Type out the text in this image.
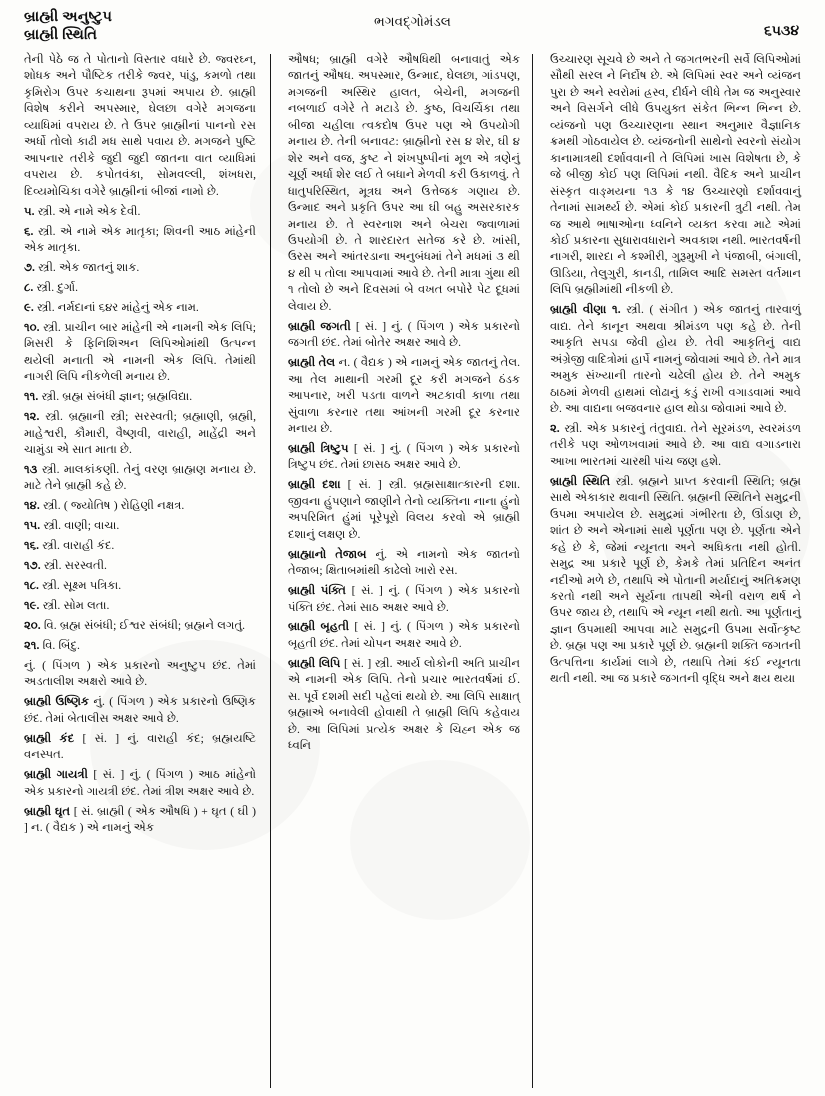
બ્રાહ્મી અનુષ્ટુપ
બ્રાહ્મી સ્થિતિ
ભગવદ્ગોમંડલ
૬૫૩૪
તેની પેઠે જ તે પોતાનો વિસ્તાર વધારે છે. જ્વરઘ્ન, શોધક અને પૌષ્ટિક તરીકે જ્વર, પાંડુ, કમળો તથા કૃમિરોગ ઉપર કચાથના રૂપમાં અપાય છે. બ્રાહ્મી વિશેષ કરીને અપસ્માર, ઘેલછા વગેરે મગજના વ્યાધિમાં વપરાય છે. તે ઉપર બ્રાહ્મીનાં પાનનો રસ અર્ધો તોલો કાઢી મધ સાથે પવાય છે. મગજને પુષ્ટિ આપનાર તરીકે જુદી જુદી જાતના વાત વ્યાધિમાં વપરાય છે. કપોતવંકા, સોમવલ્લી, શંખધરા, દિવ્યમોચિકા વગેરે બ્રાહ્મીનાં બીજાં નામો છે.
૫. સ્ત્રી. એ નામે એક દેવી.
૬. સ્ત્રી. એ નામે એક માતૃકા; શિવની આઠ માંહેની એક માતૃકા.
૭. સ્ત્રી. એક જાતનું શાક.
૮. સ્ત્રી. દુર્ગા.
૯. સ્ત્રી. નર્મદાનાં ૬૪ર માંહેનું એક નામ.
૧૦. સ્ત્રી. પ્રાચીન બાર માંહેની એ નામની એક લિપિ; મિસરી કે ફિનિશિઅન લિપિઓમાંથી ઉત્પન્ન થયેલી મનાતી એ નામની એક લિપિ. તેમાંથી નાગરી લિપિ નીકળેલી મનાય છે.
૧૧. સ્ત્રી. બ્રહ્મ સંબંધી જ્ઞાન; બ્રહ્મવિદ્યા.
૧૨. સ્ત્રી. બ્રહ્માની સ્ત્રી; સરસ્વતી; બ્રહ્માણી, બ્રહ્મી, માહેશ્વરી, કૌમારી, વૈષ્ણવી, વારાહી, માહેંદ્રી અને ચામુંડા એ સાત માતા છે.
૧૩ સ્ત્રી. માલકાંકણી. તેનું વરણ બ્રાહ્મણ મનાય છે. માટે તેને બ્રાહ્મી કહે છે.
૧૪. સ્ત્રી. ( જ્યોતિષ ) રોહિણી નક્ષત્ર.
૧૫. સ્ત્રી. વાણી; વાચા.
૧૬. સ્ત્રી. વારાહી કંદ.
૧૭. સ્ત્રી. સરસ્વતી.
૧૮. સ્ત્રી. સૂક્ષ્મ પત્રિકા.
૧૯. સ્ત્રી. સોમ લતા.
૨૦. વિ. બ્રહ્મ સંબંધી; ઈશ્વર સંબંધી; બ્રહ્મને લગતું.
૨૧. વિ. બિંદુ.
નું. ( પિંગળ ) એક પ્રકારનો અનુષ્ટુપ છંદ. તેમાં અડતાલીશ અક્ષરો આવે છે.
બ્રાહ્મી ઉષ્ણિક નું. ( પિંગળ ) એક પ્રકારનો ઉષ્ણિક છંદ. તેમાં બેતાલીસ અક્ષર આવે છે.
બ્રાહ્મી કંદ [ સં. ] નું. વારાહી કંદ; બ્રહ્મયષ્ટિ વનસ્પત.
બ્રાહ્મી ગાયત્રી [ સં. ] નું. ( પિંગળ ) આઠ માંહેનો એક પ્રકારનો ગાયત્રી છંદ. તેમાં ત્રીશ અક્ષર આવે છે.
બ્રાહ્મી ઘૃત [ સં. બ્રાહ્મી ( એક ઔષધિ ) + ઘૃત ( ઘી ) ] ન. ( વૈદ્યક ) એ નામનું એક
ઔષધ; બ્રાહ્મી વગેરે ઔષધિથી બનાવાતું એક જાતનું ઔષધ. અપસ્માર, ઉન્માદ, ઘેલછા, ગાંડપણ, મગજની અસ્થિર હાલત, બેચેની, મગજની નબળાઈ વગેરે તે મટાડે છે. કુષ્ઠ, વિચર્ચિકા તથા બીજા ચહીલા ત્વકદોષ ઉપર પણ એ ઉપયોગી મનાય છે. તેની બનાવટ: બ્રાહ્મીનો રસ ૪ શેર, ઘી ૪ શેર અને વજ, કુષ્ટ ને શંખપુષ્પીનાં મૂળ એ ત્રણેનું ચૂર્ણ અર્ધા શેર લઈ તે બધાને મેળવી કરી ઉકાળવું. તે ધાતુપરિસ્થિત, મૂત્રઘ અને ઉત્તેજક ગણાય છે. ઉન્માદ અને પ્રકૃતિ ઉપર આ ઘી બહુ અસરકારક મનાય છે. તે સ્વરનાશ અને બેચરા જ્વાળામાં ઉપયોગી છે. તે શારદારત સતેજ કરે છે. ખાંસી, ઉરસ અને આંતરડાના અનુબંધમાં તેને મધમાં ૩ થી ૪ થી ૫ તોલા આપવામાં આવે છે. તેની માત્રા ગુંથા થી ૧ તોલો છે અને દિવસમાં બે વખત બપોરે પેટ દૂધમાં લેવાય છે.
બ્રાહ્મી જગતી [ સં. ] નું. ( પિંગળ ) એક પ્રકારનો જગતી છંદ. તેમાં બોતેર અક્ષર આવે છે.
બ્રાહ્મી તેલ ન. ( વૈદ્યક ) એ નામનું એક જાતનું તેલ. આ તેલ માથાની ગરમી દૂર કરી મગજને ઠંડક આપનાર, ખરી પડતા વાળને અટકાવી કાળા તથા સુંવાળા કરનાર તથા આંખની ગરમી દૂર કરનાર મનાય છે.
બ્રાહ્મી ત્રિષ્ટુપ [ સં. ] નું. ( પિંગળ ) એક પ્રકારનો ત્રિષ્ટુપ છંદ. તેમાં છાસઠ અક્ષર આવે છે.
બ્રાહ્મી દશા [ સં. ] સ્ત્રી. બ્રહ્મસાક્ષાત્કારની દશા. જીવના હુંપણાને જાણીને તેનો વ્યક્તિના નાના હુંનો અપરિમિત હુંમાં પૂરેપૂરો વિલય કરવો એ બ્રાહ્મી દશાનું લક્ષણ છે.
બ્રાહ્માનો તેજાબ નું. એ નામનો એક જાતનો તેજાબ; ક્ષિતાબમાંથી કાઢેલો ખારો રસ.
બ્રાહ્મી પંક્તિ [ સં. ] નું. ( પિંગળ ) એક પ્રકારનો પંક્તિ છંદ. તેમાં સાઠ અક્ષર આવે છે.
બ્રાહ્મી બૃહતી [ સં. ] નું. ( પિંગળ ) એક પ્રકારનો બૃહતી છંદ. તેમાં ચોપન અક્ષર આવે છે.
બ્રાહ્મી લિપિ [ સં. ] સ્ત્રી. આર્ય લોકોની અતિ પ્રાચીન એ નામની એક લિપિ. તેનો પ્રચાર ભારતવર્ષમાં ઈ. સ. પૂર્વે દશમી સદી પહેલાં થયો છે. આ લિપિ સાક્ષાત્ બ્રહ્માએ બનાવેલી હોવાથી તે બ્રાહ્મી લિપિ કહેવાય છે. આ લિપિમાં પ્રત્યેક અક્ષર કે ચિહ્ન એક જ ધ્વનિ
ઉચ્ચારણ સૂચવે છે અને તે જગતભરની સર્વે લિપિઓમાં સૌથી સરલ ને નિર્દોષ છે. એ લિપિમાં સ્વર અને વ્યંજન પુરા છે અને સ્વરોમાં હ્રસ્વ, દીર્ધને લીધે તેમ જ અનુસ્વાર અને વિસર્ગને લીધે ઉપયુક્ત સંકેત ભિન્ન ભિન્ન છે. વ્યંજનો પણ ઉચ્ચારણના સ્થાન અનુમાર વૈજ્ઞાનિક ક્રમથી ગોઠવાયેલ છે. વ્યંજનોની સાથેનો સ્વરનો સંયોગ કાનામાત્રથી દર્શાવવાની તે લિપિમાં ખાસ વિશેષતા છે, કે જે બીજી કોઈ પણ લિપિમાં નથી. વૈદિક અને પ્રાચીન સંસ્કૃત વાઙ્મયના ૧૩ કે ૧૪ ઉચ્ચારણો દર્શાવવાનું તેનામાં સામર્થ્ય છે. એમાં કોઈ પ્રકારની ત્રુટી નથી. તેમ જ આથે ભાષાઓના ધ્વનિને વ્યક્ત કરવા માટે એમાં કોઈ પ્રકારના સુધારાવધારાને અવકાશ નથી. ભારતવર્ષની નાગરી, શારદા ને કશ્મીરી, ગુરૂમુખી ને પંજાબી, બંગાલી, ઊડિયા, તેલુગુરી, કાનડી, તામિલ આદિ સમસ્ત વર્તમાન લિપિ બ્રહ્મીમાંથી નીકળી છે.
બ્રાહ્મી વીણા ૧. સ્ત્રી. ( સંગીત ) એક જાતનું તારવાળું વાદ્ય. તેને કાનૂન અથવા શ્રીમંડળ પણ કહે છે. તેની આકૃતિ સપડા જેવી હોય છે. તેવી આકૃતિનું વાદ્ય અંગ્રેજી વાદિત્રોમાં હાર્પે નામનું જોવામાં આવે છે. તેને માત્ર અમુક સંખ્યાની તારનો ચઢેલી હોય છે. તેને અમુક ઠાઠમાં મેળવી હાથમાં લોઢાનું કડું રાખી વગાડવામાં આવે છે. આ વાદ્યના બજવનાર હાલ થોડા જોવામાં આવે છે.
૨. સ્ત્રી. એક પ્રકારનું તંતુવાદ્ય. તેને સૂરમંડળ, સ્વરમંડળ તરીકે પણ ઓળખવામાં આવે છે. આ વાદ્ય વગાડનારા આખા ભારતમાં ચારથી પાંચ જણ હશે.
બ્રાહ્મી સ્થિતિ સ્ત્રી. બ્રહ્મને પ્રાપ્ત કરવાની સ્થિતિ; બ્રહ્મ સાથે એકાકાર થવાની સ્થિતિ. બ્રહ્મની સ્થિતિને સમુદ્રની ઉપમા અપાયેલ છે. સમુદ્રમાં ગંભીરતા છે, ઊંડાણ છે, શાંત છે અને એનામાં સાથે પૂર્ણતા પણ છે. પૂર્ણતા એને કહે છે કે, જેમાં ન્યૂનતા અને અધિકતા નથી હોતી. સમુદ્ર આ પ્રકારે પૂર્ણ છે, કેમકે તેમાં પ્રતિદિન અનંત નદીઓ મળે છે, તથાપિ એ પોતાની મર્યાદાનું અતિક્રમણ કરતો નથી અને સૂર્યના તાપથી એની વરાળ થર્ષ ને ઉપર જાય છે, તથાપિ એ ન્યૂન નથી થતો. આ પૂર્ણતાનું જ્ઞાન ઉપમાથી આપવા માટે સમુદ્રની ઉપમા સર્વોત્કૃષ્ટ છે. બ્રહ્મ પણ આ પ્રકારે પૂર્ણ છે. બ્રહ્મની શક્તિ જગતની ઉત્પત્તિના કાર્યમાં લાગે છે, તથાપિ તેમાં કંઈ ન્યૂનતા થતી નથી. આ જ પ્રકારે જગતની વૃદ્ધિ અને ક્ષય થયા
